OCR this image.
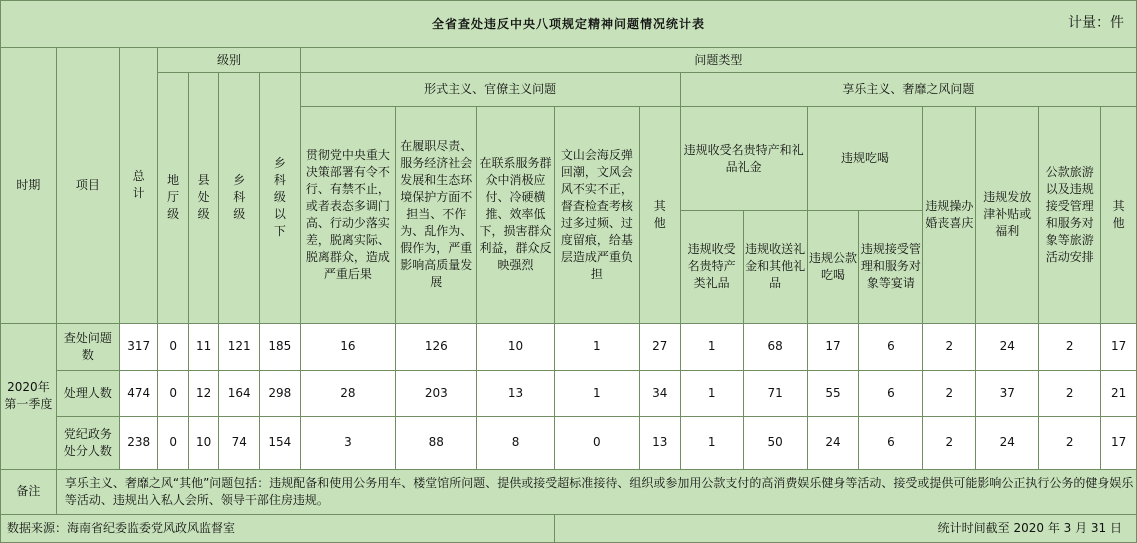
全省查处违反中央八项规定精神问题情况统计表 计量：件																			

时期	项目	总计	级别				问题类型												
			地厅级	县处级	乡科级	乡科级以下	形式主义、官僚主义问题					享乐主义、奢靡之风问题							
							贯彻党中央重大决策部署有令不行、有禁不止，或者表态多调门高、行动少落实差，脱离实际、脱离群众，造成严重后果	在履职尽责、服务经济社会发展和生态环境保护方面不担当、不作为、乱作为、假作为，严重影响高质量发展	在联系服务群众中消极应付、冷硬横推、效率低下，损害群众利益，群众反映强烈	文山会海反弹回潮，文风会风不实不正，督查检查考核过多过频、过度留痕，给基层造成严重负担	其他	违规收受名贵特产和礼品礼金		违规吃喝		违规操办婚丧喜庆	违规发放津补贴或福利	公款旅游以及违规接受管理和服务对象等旅游活动安排	其他

												违规收受名贵特产类礼品	违规收送礼金和其他礼品	违规公款吃喝	违规接受管理和服务对象等宴请				
2020年第一季度	查处问题数	317	0	11	121	185	16	126	10	1	27	1	68	17	6	2	24	2	17
	处理人数	474	0	12	164	298	28	203	13	1	34	1	71	55	6	2	37	2	21
	党纪政务处分人数	238	0	10	74	154	3	88	8	0	13	1	50	24	6	2	24	2	17
备注	享乐主义、奢靡之风“其他”问题包括：违规配备和使用公务用车、楼堂馆所问题、提供或接受超标准接待、组织或参加用公款支付的高消费娱乐健身等活动、接受或提供可能影响公正执行公务的健身娱乐等活动、违规出入私人会所、领导干部住房违规。																		
数据来源：海南省纪委监委党风政风监督室										统计时间截至 2020 年 3 月 31 日									
